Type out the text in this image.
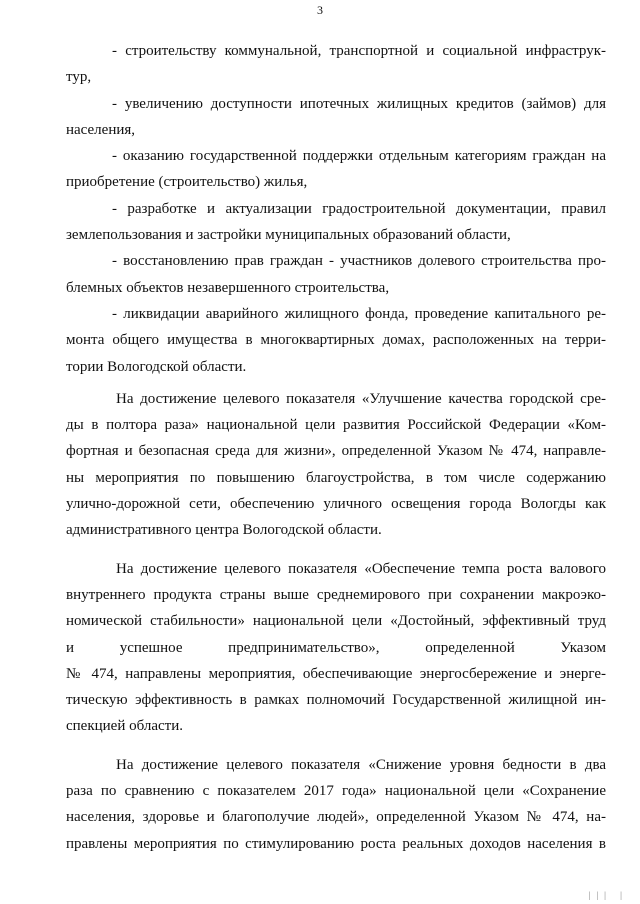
3

- строительству коммунальной, транспортной и социальной инфраструк-
тур,

- увеличению доступности ипотечных жилищных кредитов (займов) для
населения,

- оказанию государственной поддержки отдельным категориям граждан на
приобретение (строительство) жилья,

- разработке и актуализации градостроительной документации, правил
землепользования и застройки муниципальных образований области,

- восстановлению прав граждан - участников долевого строительства про-
блемных объектов незавершенного строительства,

- ликвидации аварийного жилищного фонда, проведение капитального ре-
монта общего имущества в многоквартирных домах, расположенных на терри-
тории Вологодской области.

На достижение целевого показателя «Улучшение качества городской сре-
ды в полтора раза» национальной цели развития Российской Федерации «Ком-
фортная и безопасная среда для жизни», определенной Указом № 474, направле-
ны мероприятия по повышению благоустройства, в том числе содержанию
улично-дорожной сети, обеспечению уличного освещения города Вологды как
административного центра Вологодской области.

На достижение целевого показателя «Обеспечение темпа роста валового
внутреннего продукта страны выше среднемирового при сохранении макроэко-
номической стабильности» национальной цели «Достойный, эффективный труд
и успешное предпринимательство», определенной Указом
№ 474, направлены мероприятия, обеспечивающие энергосбережение и энерге-
тическую эффективность в рамках полномочий Государственной жилищной ин-
спекцией области.

На достижение целевого показателя «Снижение уровня бедности в два
раза по сравнению с показателем 2017 года» национальной цели «Сохранение
населения, здоровье и благополучие людей», определенной Указом № 474, на-
правлены мероприятия по стимулированию роста реальных доходов населения в

||| |
